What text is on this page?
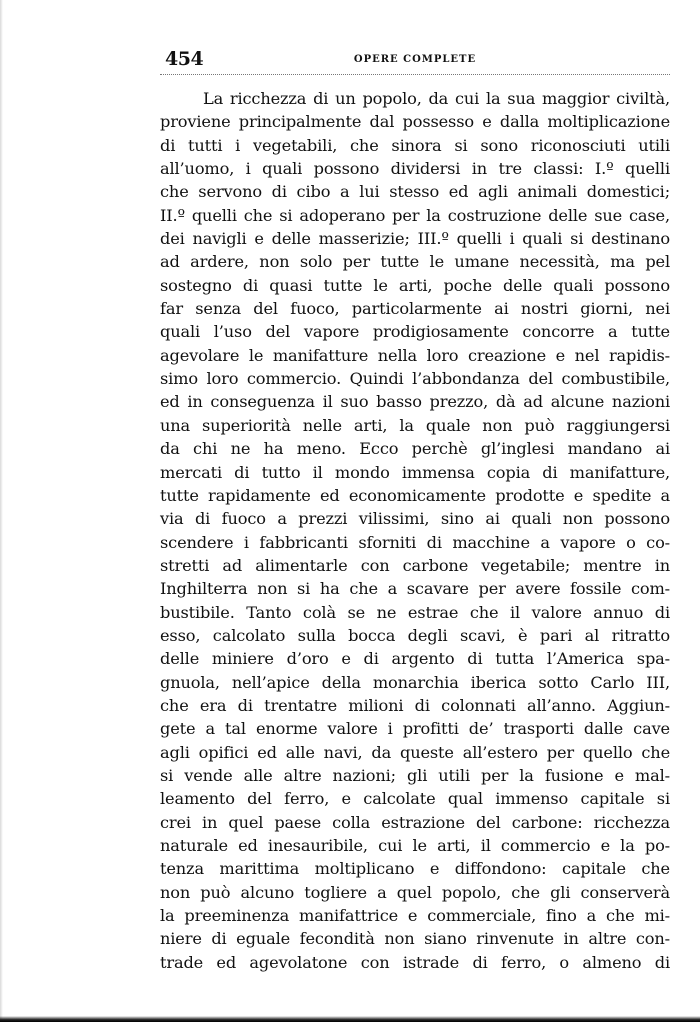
454	OPERE COMPLETE
La ricchezza di un popolo, da cui la sua maggior civiltà,
proviene principalmente dal possesso e dalla moltiplicazione
di tutti i vegetabili, che sinora si sono riconosciuti utili
all’uomo, i quali possono dividersi in tre classi: I.º quelli
che servono di cibo a lui stesso ed agli animali domestici;
II.º quelli che si adoperano per la costruzione delle sue case,
dei navigli e delle masserizie; III.º quelli i quali si destinano
ad ardere, non solo per tutte le umane necessità, ma pel
sostegno di quasi tutte le arti, poche delle quali possono
far senza del fuoco, particolarmente ai nostri giorni, nei
quali l’uso del vapore prodigiosamente concorre a tutte
agevolare le manifatture nella loro creazione e nel rapidis-
simo loro commercio. Quindi l’abbondanza del combustibile,
ed in conseguenza il suo basso prezzo, dà ad alcune nazioni
una superiorità nelle arti, la quale non può raggiungersi
da chi ne ha meno. Ecco perchè gl’inglesi mandano ai
mercati di tutto il mondo immensa copia di manifatture,
tutte rapidamente ed economicamente prodotte e spedite a
via di fuoco a prezzi vilissimi, sino ai quali non possono
scendere i fabbricanti sforniti di macchine a vapore o co-
stretti ad alimentarle con carbone vegetabile; mentre in
Inghilterra non si ha che a scavare per avere fossile com-
bustibile. Tanto colà se ne estrae che il valore annuo di
esso, calcolato sulla bocca degli scavi, è pari al ritratto
delle miniere d’oro e di argento di tutta l’America spa-
gnuola, nell’apice della monarchia iberica sotto Carlo III,
che era di trentatre milioni di colonnati all’anno. Aggiun-
gete a tal enorme valore i profitti de’ trasporti dalle cave
agli opifici ed alle navi, da queste all’estero per quello che
si vende alle altre nazioni; gli utili per la fusione e mal-
leamento del ferro, e calcolate qual immenso capitale si
crei in quel paese colla estrazione del carbone: ricchezza
naturale ed inesauribile, cui le arti, il commercio e la po-
tenza marittima moltiplicano e diffondono: capitale che
non può alcuno togliere a quel popolo, che gli conserverà
la preeminenza manifattrice e commerciale, fino a che mi-
niere di eguale fecondità non siano rinvenute in altre con-
trade ed agevolatone con istrade di ferro, o almeno di
